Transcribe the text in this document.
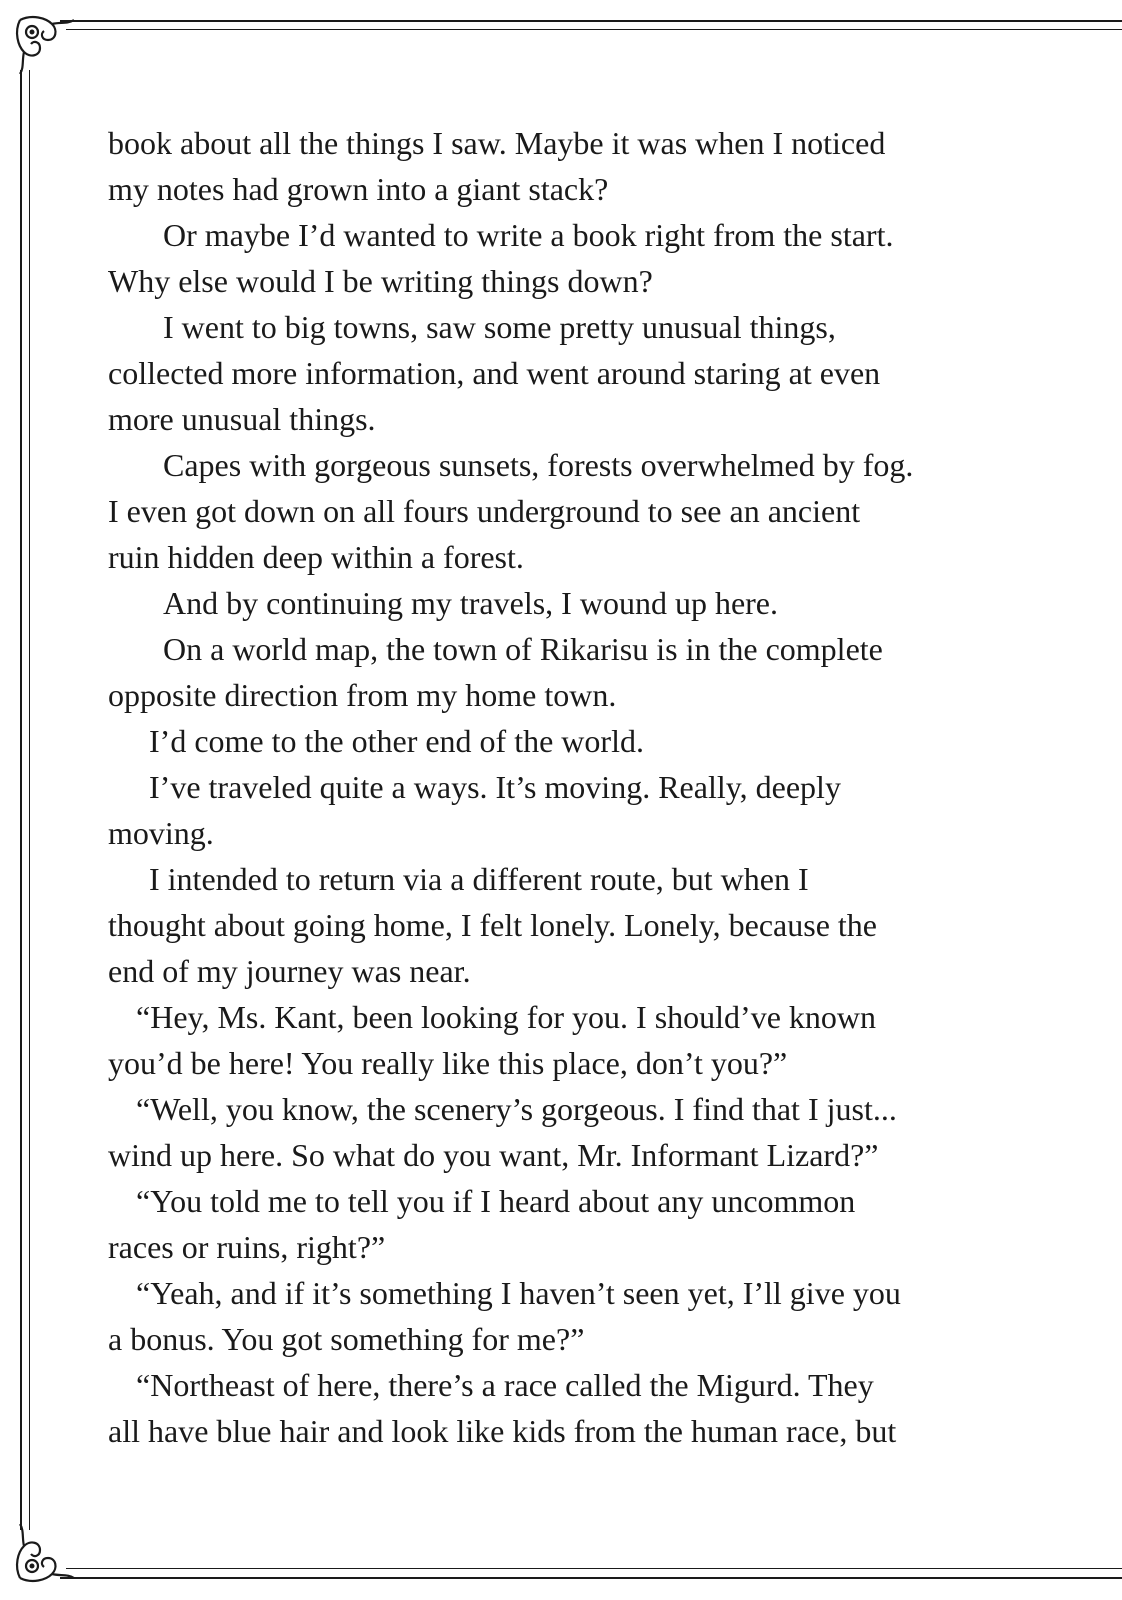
book about all the things I saw. Maybe it was when I noticed
my notes had grown into a giant stack?
Or maybe I’d wanted to write a book right from the start.
Why else would I be writing things down?
I went to big towns, saw some pretty unusual things,
collected more information, and went around staring at even
more unusual things.
Capes with gorgeous sunsets, forests overwhelmed by fog.
I even got down on all fours underground to see an ancient
ruin hidden deep within a forest.
And by continuing my travels, I wound up here.
On a world map, the town of Rikarisu is in the complete
opposite direction from my home town.
I’d come to the other end of the world.
I’ve traveled quite a ways. It’s moving. Really, deeply
moving.
I intended to return via a different route, but when I
thought about going home, I felt lonely. Lonely, because the
end of my journey was near.
“Hey, Ms. Kant, been looking for you. I should’ve known
you’d be here! You really like this place, don’t you?”
“Well, you know, the scenery’s gorgeous. I find that I just...
wind up here. So what do you want, Mr. Informant Lizard?”
“You told me to tell you if I heard about any uncommon
races or ruins, right?”
“Yeah, and if it’s something I haven’t seen yet, I’ll give you
a bonus. You got something for me?”
“Northeast of here, there’s a race called the Migurd. They
all have blue hair and look like kids from the human race, but
